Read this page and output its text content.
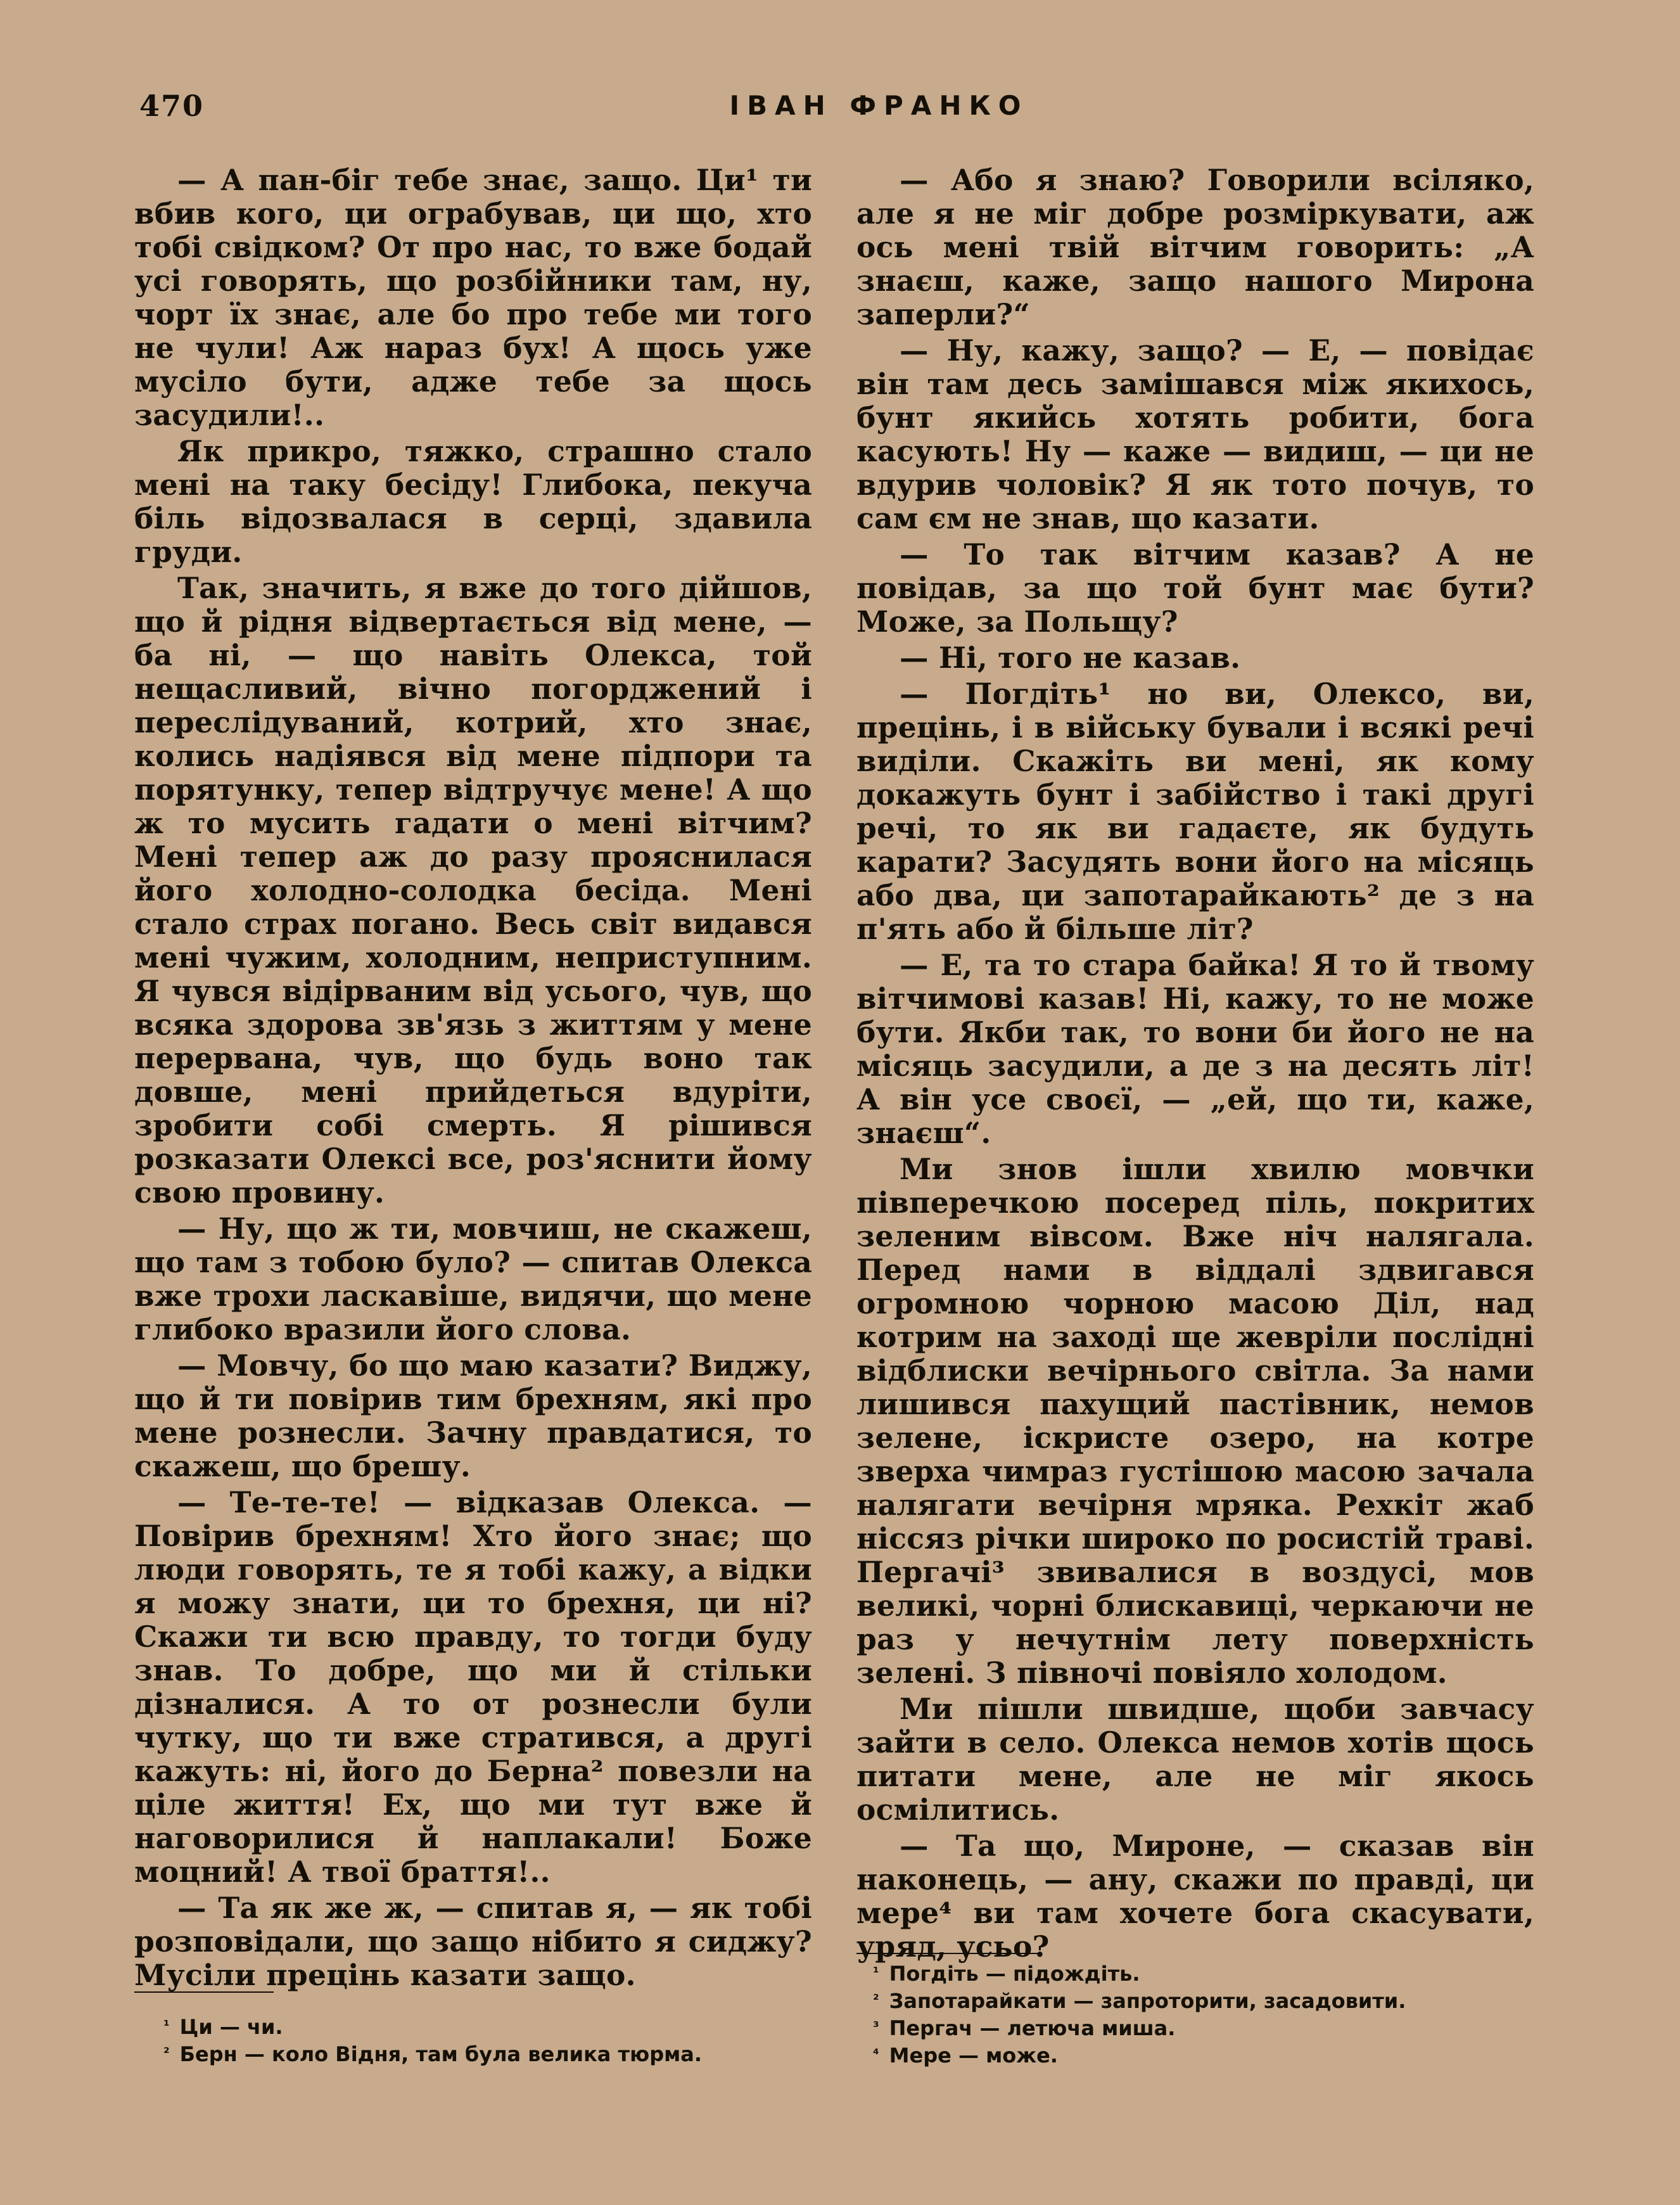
470	ІВАН ФРАНКО

— А пан-біг тебе знає, защо. Ци¹ ти вбив кого, ци ограбував, ци що, хто тобі свідком? От про нас, то вже бодай усі говорять, що розбійники там, ну, чорт їх знає, але бо про тебе ми того не чули! Аж нараз бух! А щось уже мусіло бути, адже тебе за щось засудили!..

Як прикро, тяжко, страшно стало мені на таку бесіду! Глибока, пекуча біль відозвалася в серці, здавила груди.

Так, значить, я вже до того дійшов, що й рідня відвертається від мене, — ба ні, — що навіть Олекса, той нещасливий, вічно погорджений і переслідуваний, котрий, хто знає, колись надіявся від мене підпори та порятунку, тепер відтручує мене! А що ж то мусить гадати о мені вітчим? Мені тепер аж до разу прояснилася його холодно-солодка бесіда. Мені стало страх погано. Весь світ видався мені чужим, холодним, неприступним. Я чувся відірваним від усього, чув, що всяка здорова зв'язь з життям у мене перервана, чув, що будь воно так довше, мені прийдеться вдуріти, зробити собі смерть. Я рішився розказати Олексі все, роз'яснити йому свою провину.

— Ну, що ж ти, мовчиш, не скажеш, що там з тобою було? — спитав Олекса вже трохи ласкавіше, видячи, що мене глибоко вразили його слова.

— Мовчу, бо що маю казати? Виджу, що й ти повірив тим брехням, які про мене рознесли. Зачну правдатися, то скажеш, що брешу.

— Те-те-те! — відказав Олекса. — Повірив брехням! Хто його знає; що люди говорять, те я тобі кажу, а відки я можу знати, ци то брехня, ци ні? Скажи ти всю правду, то тогди буду знав. То добре, що ми й стільки дізналися. А то от рознесли були чутку, що ти вже стратився, а другі кажуть: ні, його до Берна² повезли на ціле життя! Ех, що ми тут вже й наговорилися й наплакали! Боже моцний! А твої браття!..

— Та як же ж, — спитав я, — як тобі розповідали, що защо нібито я сиджу? Мусіли прецінь казати защо.

— Або я знаю? Говорили всіляко, але я не міг добре розміркувати, аж ось мені твій вітчим говорить: „А знаєш, каже, защо нашого Мирона заперли?“

— Ну, кажу, защо? — Е, — повідає він там десь замішався між якихось, бунт якийсь хотять робити, бога касують! Ну — каже — видиш, — ци не вдурив чоловік? Я як тото почув, то сам єм не знав, що казати.

— То так вітчим казав? А не повідав, за що той бунт має бути? Може, за Польщу?

— Ні, того не казав.

— Погдіть¹ но ви, Олексо, ви, прецінь, і в війську бували і всякі речі виділи. Скажіть ви мені, як кому докажуть бунт і забійство і такі другі речі, то як ви гадаєте, як будуть карати? Засудять вони його на місяць або два, ци запотарайкають² де з на п'ять або й більше літ?

— Е, та то стара байка! Я то й твому вітчимові казав! Ні, кажу, то не може бути. Якби так, то вони би його не на місяць засудили, а де з на десять літ! А він усе своєї, — „ей, що ти, каже, знаєш“.

Ми знов ішли хвилю мовчки півперечкою посеред піль, покритих зеленим вівсом. Вже ніч налягала. Перед нами в віддалі здвигався огромною чорною масою Діл, над котрим на заході ще жевріли послідні відблиски вечірнього світла. За нами лишився пахущий пастівник, немов зелене, іскристе озеро, на котре зверха чимраз густішою масою зачала налягати вечірня мряка. Рехкіт жаб ніссяз річки широко по росистій траві. Пергачі³ звивалися в воздусі, мов великі, чорні блискавиці, черкаючи не раз у нечутнім лету поверхність зелені. З півночі повіяло холодом.

Ми пішли швидше, щоби завчасу зайти в село. Олекса немов хотів щось питати мене, але не міг якось осмілитись.

— Та що, Мироне, — сказав він наконець, — ану, скажи по правді, ци мере⁴ ви там хочете бога скасувати, уряд, усьо?

$^{^1}$ Ци — чи.
$^{^2}$ Берн — коло Відня, там була велика тюрма.
$^{^1}$ Погдіть — підождіть.
$^{^2}$ Запотарайкати — запроторити, засадовити.
$^{^3}$ Пергач — летюча миша.
$^{^4}$ Мере — може.
